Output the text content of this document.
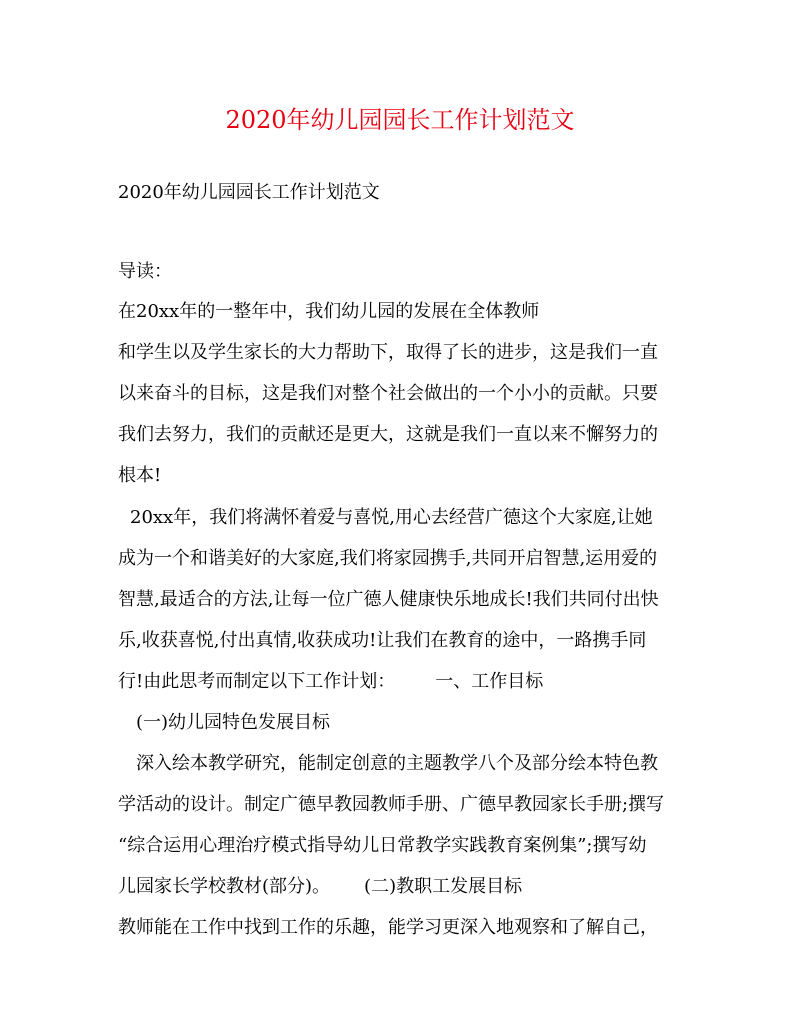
2020年幼儿园园长工作计划范文
2020年幼儿园园长工作计划范文
导读：
在20xx年的一整年中，我们幼儿园的发展在全体教师
和学生以及学生家长的大力帮助下，取得了长的进步，这是我们一直
以来奋斗的目标，这是我们对整个社会做出的一个小小的贡献。只要
我们去努力，我们的贡献还是更大，这就是我们一直以来不懈努力的
根本!
20xx年，我们将满怀着爱与喜悦,用心去经营广德这个大家庭,让她
成为一个和谐美好的大家庭,我们将家园携手,共同开启智慧,运用爱的
智慧,最适合的方法,让每一位广德人健康快乐地成长!我们共同付出快
乐,收获喜悦,付出真情,收获成功!让我们在教育的途中，一路携手同
行!由此思考而制定以下工作计划： 一、工作目标
(一)幼儿园特色发展目标
深入绘本教学研究，能制定创意的主题教学八个及部分绘本特色教
学活动的设计。制定广德早教园教师手册、广德早教园家长手册;撰写
“综合运用心理治疗模式指导幼儿日常教学实践教育案例集”;撰写幼
儿园家长学校教材(部分)。 (二)教职工发展目标
教师能在工作中找到工作的乐趣，能学习更深入地观察和了解自己，
